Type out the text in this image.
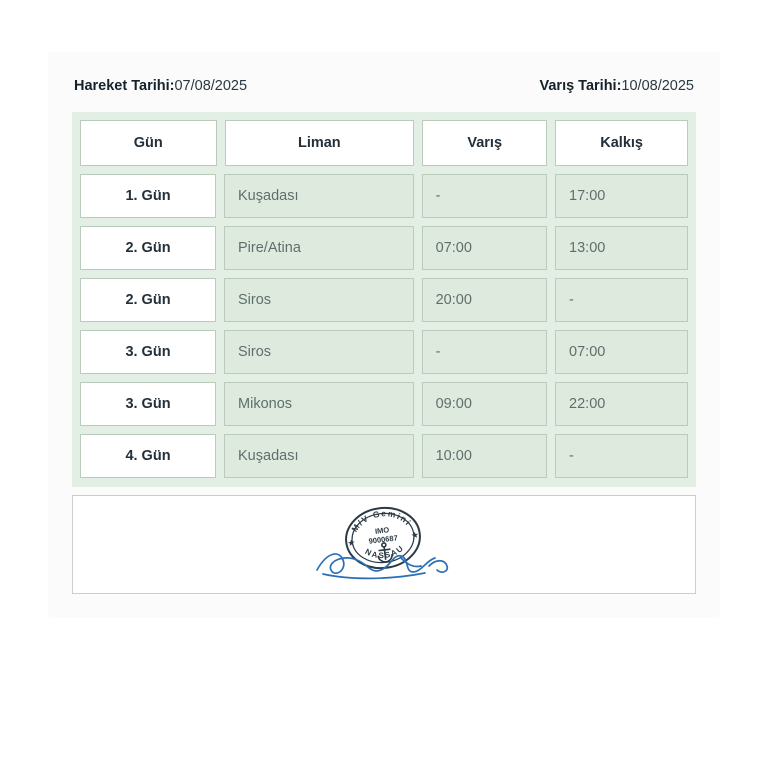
Hareket Tarihi:07/08/2025	Varış Tarihi:10/08/2025
Gün	Liman	Varış	Kalkış
1. Gün	Kuşadası	-	17:00
2. Gün	Pire/Atina	07:00	13:00
2. Gün	Siros	20:00	-
3. Gün	Siros	-	07:00
3. Gün	Mikonos	09:00	22:00
4. Gün	Kuşadası	10:00	-
M/V Gemini
NASSAU
IMO
9000687
★
★
